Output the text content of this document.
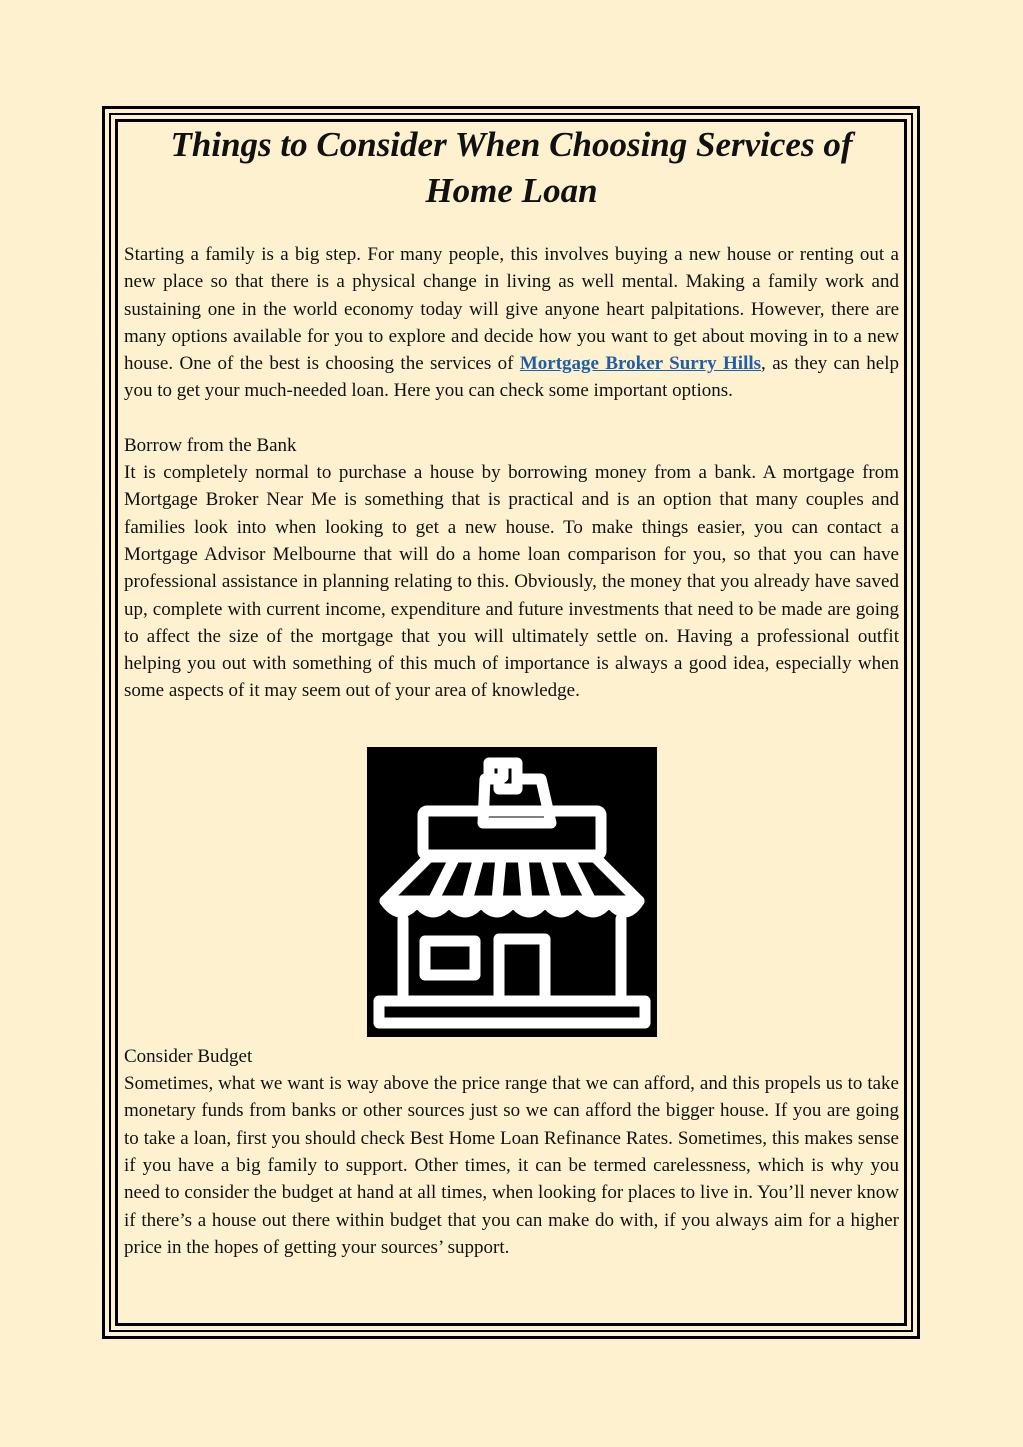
Things to Consider When Choosing Services of Home Loan

Starting a family is a big step. For many people, this involves buying a new house or renting out a new place so that there is a physical change in living as well mental. Making a family work and sustaining one in the world economy today will give anyone heart palpitations. However, there are many options available for you to explore and decide how you want to get about moving in to a new house. One of the best is choosing the services of Mortgage Broker Surry Hills, as they can help you to get your much-needed loan. Here you can check some important options.

Borrow from the Bank

It is completely normal to purchase a house by borrowing money from a bank. A mortgage from Mortgage Broker Near Me is something that is practical and is an option that many couples and families look into when looking to get a new house. To make things easier, you can contact a Mortgage Advisor Melbourne that will do a home loan comparison for you, so that you can have professional assistance in planning relating to this. Obviously, the money that you already have saved up, complete with current income, expenditure and future investments that need to be made are going to affect the size of the mortgage that you will ultimately settle on. Having a professional outfit helping you out with something of this much of importance is always a good idea, especially when some aspects of it may seem out of your area of knowledge.

Consider Budget

Sometimes, what we want is way above the price range that we can afford, and this propels us to take monetary funds from banks or other sources just so we can afford the bigger house. If you are going to take a loan, first you should check Best Home Loan Refinance Rates. Sometimes, this makes sense if you have a big family to support. Other times, it can be termed carelessness, which is why you need to consider the budget at hand at all times, when looking for places to live in. You’ll never know if there’s a house out there within budget that you can make do with, if you always aim for a higher price in the hopes of getting your sources’ support.
